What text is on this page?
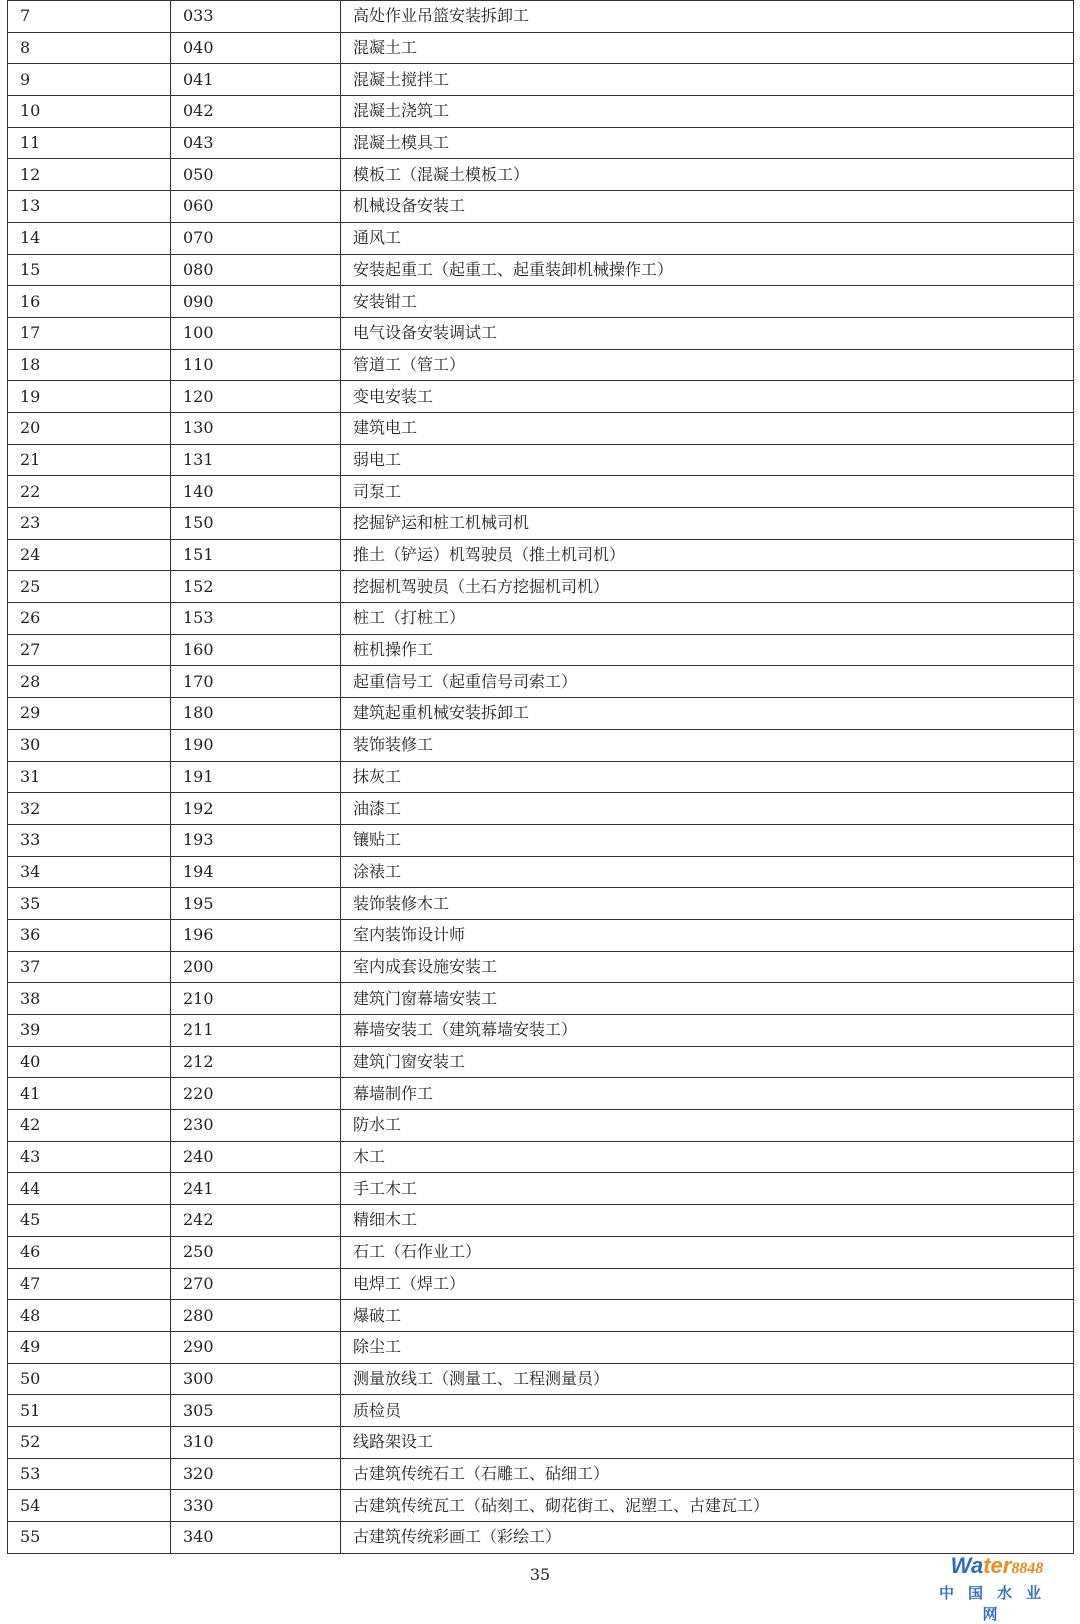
7	033	高处作业吊篮安装拆卸工
8	040	混凝土工
9	041	混凝土搅拌工
10	042	混凝土浇筑工
11	043	混凝土模具工
12	050	模板工（混凝土模板工）
13	060	机械设备安装工
14	070	通风工
15	080	安装起重工（起重工、起重装卸机械操作工）
16	090	安装钳工
17	100	电气设备安装调试工
18	110	管道工（管工）
19	120	变电安装工
20	130	建筑电工
21	131	弱电工
22	140	司泵工
23	150	挖掘铲运和桩工机械司机
24	151	推土（铲运）机驾驶员（推土机司机）
25	152	挖掘机驾驶员（土石方挖掘机司机）
26	153	桩工（打桩工）
27	160	桩机操作工
28	170	起重信号工（起重信号司索工）
29	180	建筑起重机械安装拆卸工
30	190	装饰装修工
31	191	抹灰工
32	192	油漆工
33	193	镶贴工
34	194	涂裱工
35	195	装饰装修木工
36	196	室内装饰设计师
37	200	室内成套设施安装工
38	210	建筑门窗幕墙安装工
39	211	幕墙安装工（建筑幕墙安装工）
40	212	建筑门窗安装工
41	220	幕墙制作工
42	230	防水工
43	240	木工
44	241	手工木工
45	242	精细木工
46	250	石工（石作业工）
47	270	电焊工（焊工）
48	280	爆破工
49	290	除尘工
50	300	测量放线工（测量工、工程测量员）
51	305	质检员
52	310	线路架设工
53	320	古建筑传统石工（石雕工、砧细工）
54	330	古建筑传统瓦工（砧刻工、砌花街工、泥塑工、古建瓦工）
55	340	古建筑传统彩画工（彩绘工）
35	Water8848
中国水业网
